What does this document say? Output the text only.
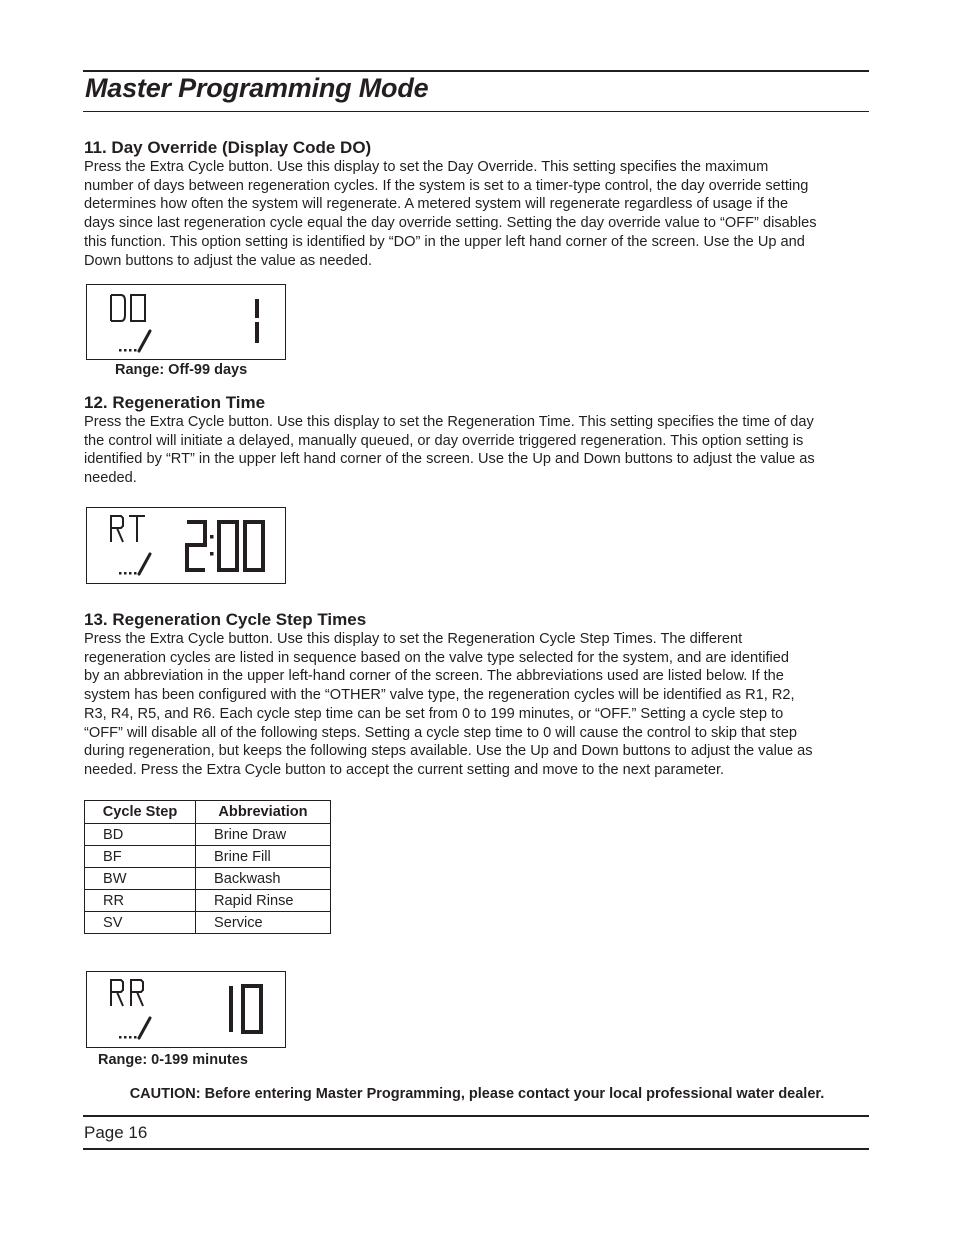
Master Programming Mode
11. Day Override (Display Code DO)
Press the Extra Cycle button. Use this display to set the Day Override. This setting specifies the maximum
number of days between regeneration cycles. If the system is set to a timer-type control, the day override setting
determines how often the system will regenerate. A metered system will regenerate regardless of usage if the
days since last regeneration cycle equal the day override setting. Setting the day override value to “OFF” disables
this function. This option setting is identified by “DO” in the upper left hand corner of the screen. Use the Up and
Down buttons to adjust the value as needed.
Range: Off-99 days
12. Regeneration Time
Press the Extra Cycle button. Use this display to set the Regeneration Time. This setting specifies the time of day
the control will initiate a delayed, manually queued, or day override triggered regeneration. This option setting is
identified by “RT” in the upper left hand corner of the screen. Use the Up and Down buttons to adjust the value as
needed.
13. Regeneration Cycle Step Times
Press the Extra Cycle button. Use this display to set the Regeneration Cycle Step Times. The different
regeneration cycles are listed in sequence based on the valve type selected for the system, and are identified
by an abbreviation in the upper left-hand corner of the screen. The abbreviations used are listed below. If the
system has been configured with the “OTHER” valve type, the regeneration cycles will be identified as R1, R2,
R3, R4, R5, and R6. Each cycle step time can be set from 0 to 199 minutes, or “OFF.” Setting a cycle step to
“OFF” will disable all of the following steps. Setting a cycle step time to 0 will cause the control to skip that step
during regeneration, but keeps the following steps available. Use the Up and Down buttons to adjust the value as
needed. Press the Extra Cycle button to accept the current setting and move to the next parameter.
Cycle Step	Abbreviation
BD	Brine Draw
BF	Brine Fill
BW	Backwash
RR	Rapid Rinse
SV	Service
Range: 0-199 minutes
CAUTION: Before entering Master Programming, please contact your local professional water dealer.
Page 16
